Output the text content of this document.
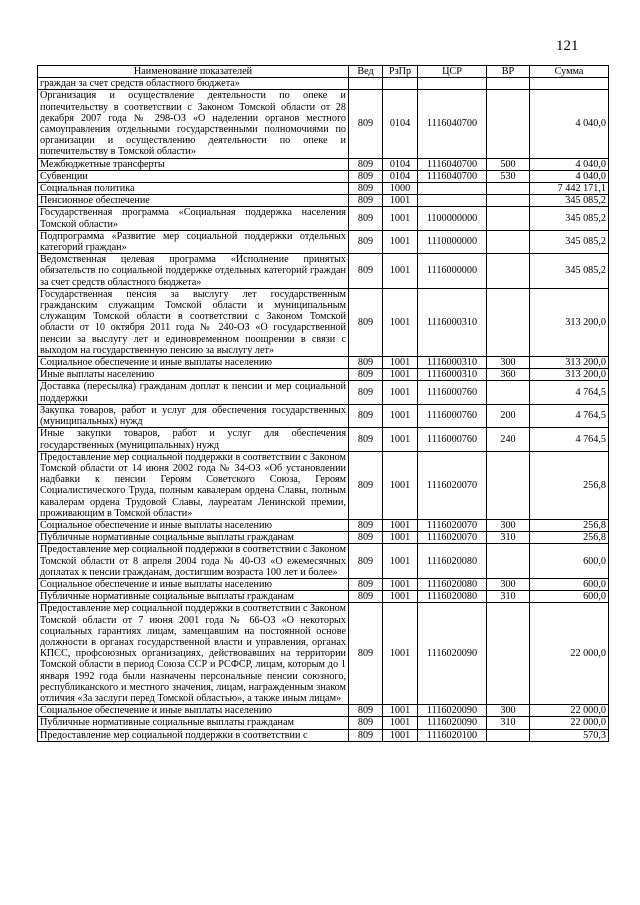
121
Наименование показателей	Вед	РзПр	ЦСР	ВР	Сумма
граждан за счет средств областного бюджета»					
Организация и осуществление деятельности по опеке и попечительству в соответствии с Законом Томской области от 28 декабря 2007 года № 298-ОЗ «О наделении органов местного самоуправления отдельными государственными полномочиями по организации и осуществлению деятельности по опеке и попечительству в Томской области»	809	0104	1116040700		4 040,0
Межбюджетные трансферты	809	0104	1116040700	500	4 040,0
Субвенции	809	0104	1116040700	530	4 040,0
Социальная политика	809	1000			7 442 171,1
Пенсионное обеспечение	809	1001			345 085,2
Государственная программа «Социальная поддержка населения Томской области»	809	1001	1100000000		345 085,2
Подпрограмма «Развитие мер социальной поддержки отдельных категорий граждан»	809	1001	1110000000		345 085,2
Ведомственная целевая программа «Исполнение принятых обязательств по социальной поддержке отдельных категорий граждан за счет средств областного бюджета»	809	1001	1116000000		345 085,2
Государственная пенсия за выслугу лет государственным гражданским служащим Томской области и муниципальным служащим Томской области в соответствии с Законом Томской области от 10 октября 2011 года № 240-ОЗ «О государственной пенсии за выслугу лет и единовременном поощрении в связи с выходом на государственную пенсию за выслугу лет»	809	1001	1116000310		313 200,0
Социальное обеспечение и иные выплаты населению	809	1001	1116000310	300	313 200,0
Иные выплаты населению	809	1001	1116000310	360	313 200,0
Доставка (пересылка) гражданам доплат к пенсии и мер социальной поддержки	809	1001	1116000760		4 764,5
Закупка товаров, работ и услуг для обеспечения государственных (муниципальных) нужд	809	1001	1116000760	200	4 764,5
Иные закупки товаров, работ и услуг для обеспечения государственных (муниципальных) нужд	809	1001	1116000760	240	4 764,5
Предоставление мер социальной поддержки в соответствии с Законом Томской области от 14 июня 2002 года № 34-ОЗ «Об установлении надбавки к пенсии Героям Советского Союза, Героям Социалистического Труда, полным кавалерам ордена Славы, полным кавалерам ордена Трудовой Славы, лауреатам Ленинской премии, проживающим в Томской области»	809	1001	1116020070		256,8
Социальное обеспечение и иные выплаты населению	809	1001	1116020070	300	256,8
Публичные нормативные социальные выплаты гражданам	809	1001	1116020070	310	256,8
Предоставление мер социальной поддержки в соответствии с Законом Томской области от 8 апреля 2004 года № 40-ОЗ «О ежемесячных доплатах к пенсии гражданам, достигшим возраста 100 лет и более»	809	1001	1116020080		600,0
Социальное обеспечение и иные выплаты населению	809	1001	1116020080	300	600,0
Публичные нормативные социальные выплаты гражданам	809	1001	1116020080	310	600,0
Предоставление мер социальной поддержки в соответствии с Законом Томской области от 7 июня 2001 года № 66-ОЗ «О некоторых социальных гарантиях лицам, замещавшим на постоянной основе должности в органах государственной власти и управления, органах КПСС, профсоюзных организациях, действовавших на территории Томской области в период Союза ССР и РСФСР, лицам, которым до 1 января 1992 года были назначены персональные пенсии союзного, республиканского и местного значения, лицам, награжденным знаком отличия «За заслуги перед Томской областью», а также иным лицам»	809	1001	1116020090		22 000,0
Социальное обеспечение и иные выплаты населению	809	1001	1116020090	300	22 000,0
Публичные нормативные социальные выплаты гражданам	809	1001	1116020090	310	22 000,0
Предоставление мер социальной поддержки в соответствии с	809	1001	1116020100		570,3
